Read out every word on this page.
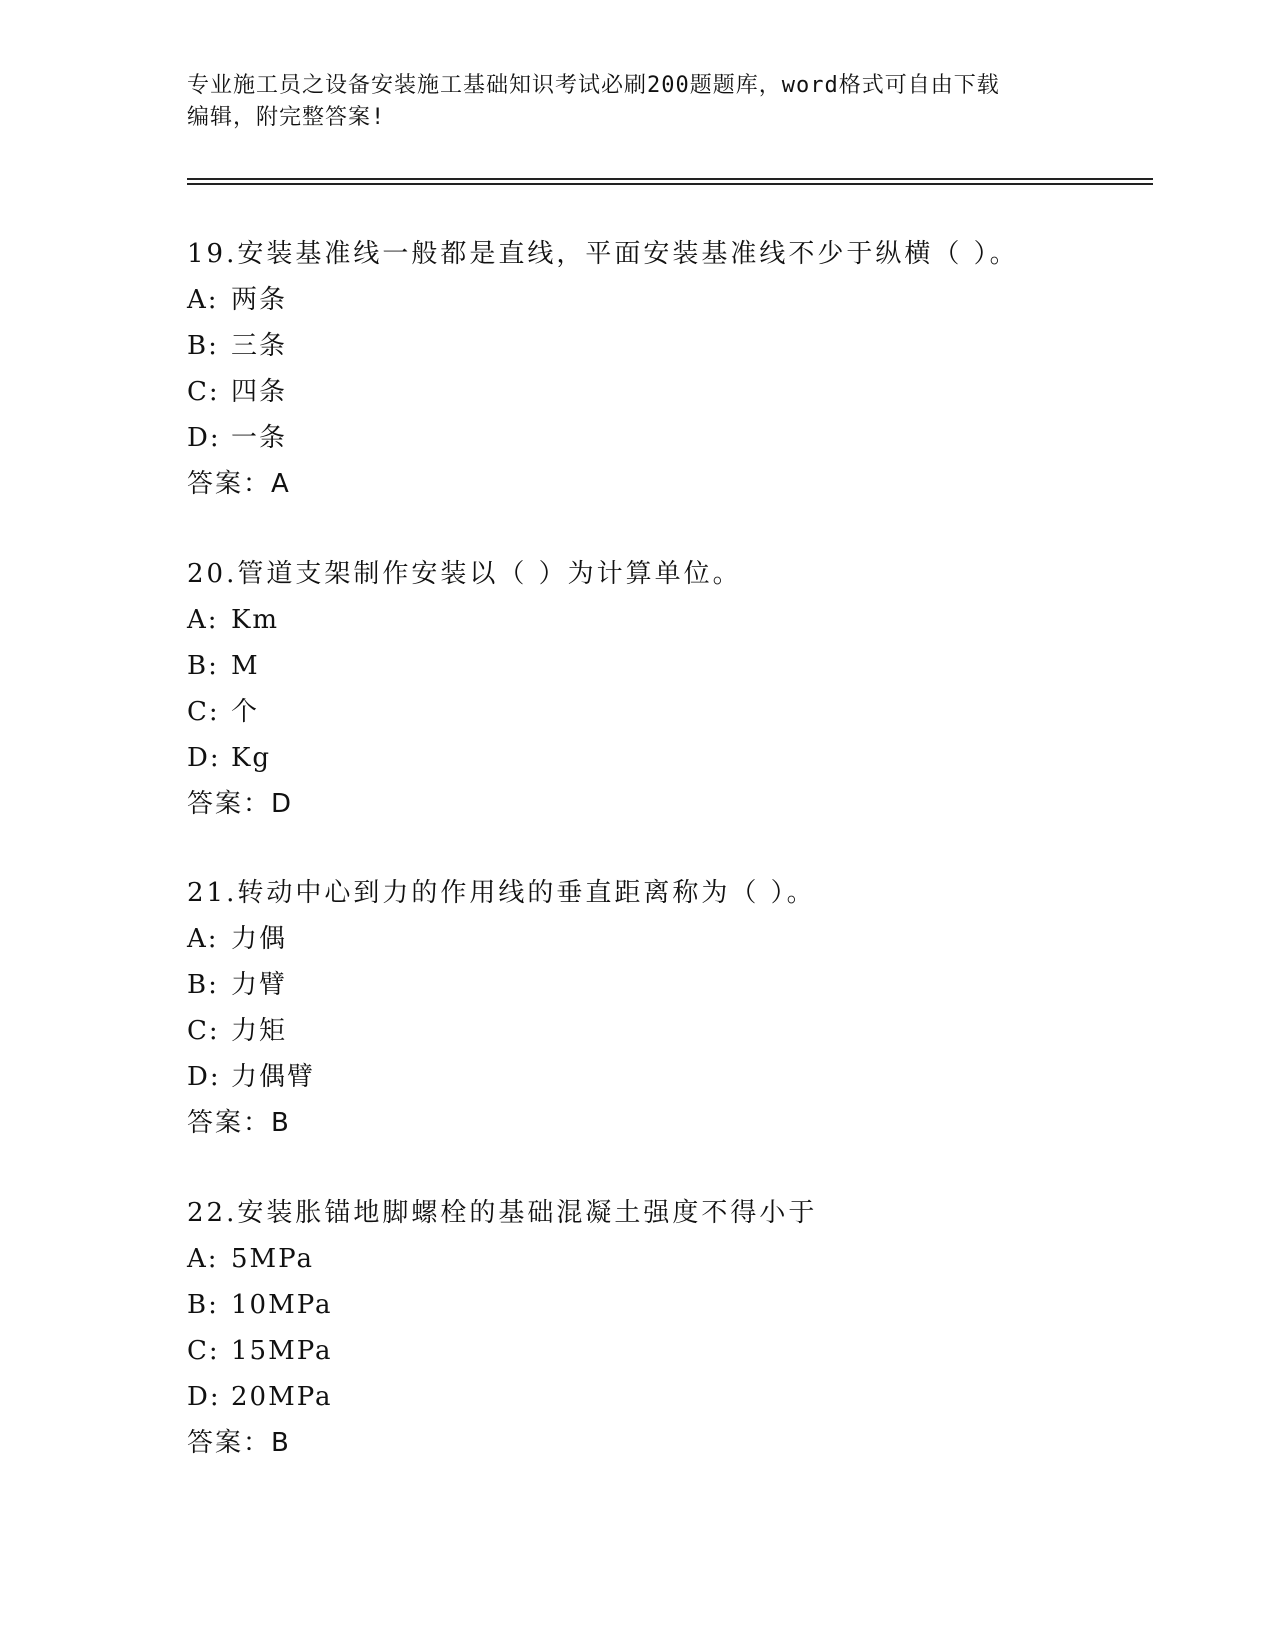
专业施工员之设备安装施工基础知识考试必刷200题题库，word格式可自由下载
编辑，附完整答案!
19.安装基准线一般都是直线，平面安装基准线不少于纵横（ ）。
A: 两条
B: 三条
C: 四条
D: 一条
答案：A
20.管道支架制作安装以（ ）为计算单位。
A: Km
B: M
C: 个
D: Kg
答案：D
21.转动中心到力的作用线的垂直距离称为（ ）。
A: 力偶
B: 力臂
C: 力矩
D: 力偶臂
答案：B
22.安装胀锚地脚螺栓的基础混凝土强度不得小于
A: 5MPa
B: 10MPa
C: 15MPa
D: 20MPa
答案：B
